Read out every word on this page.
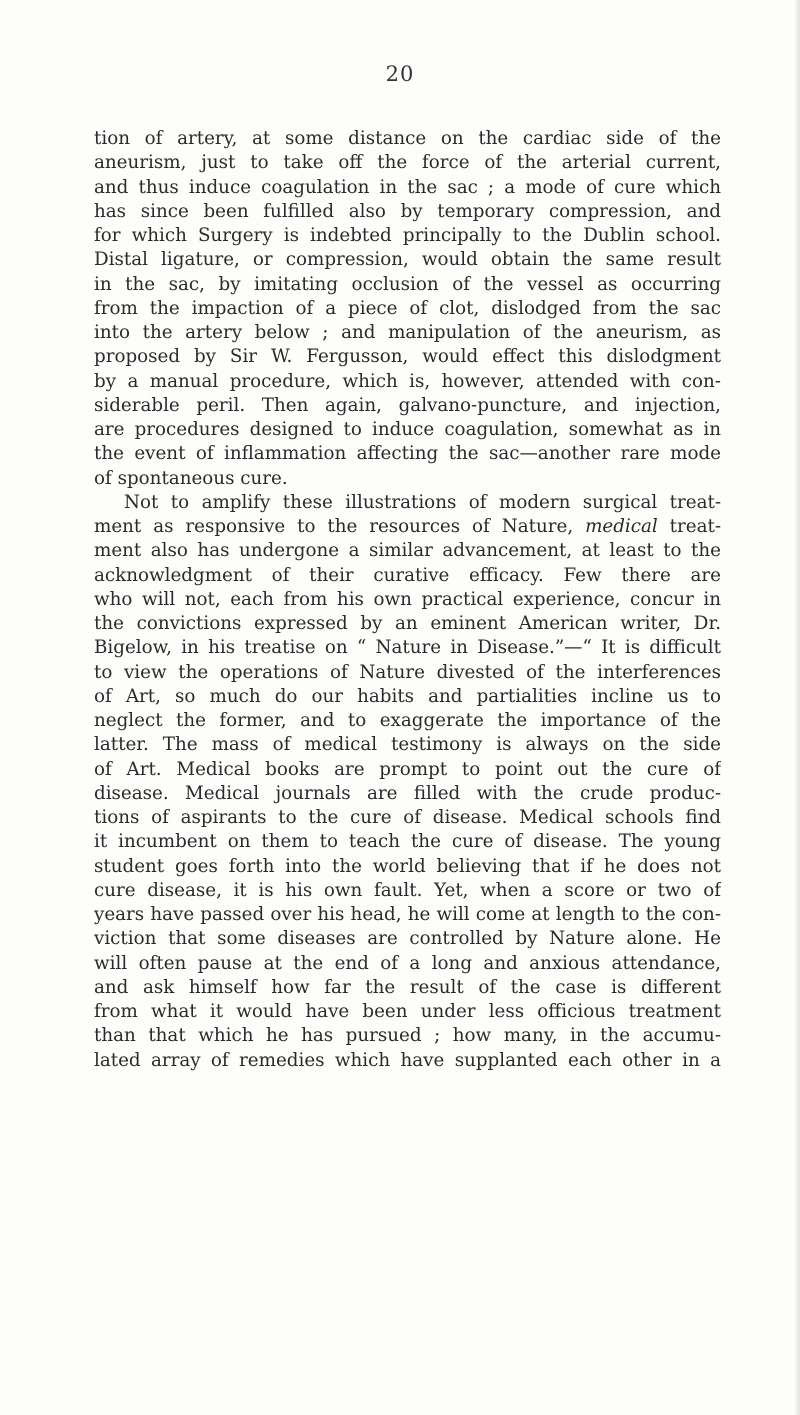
20
tion of artery, at some distance on the cardiac side of the
aneurism, just to take off the force of the arterial current,
and thus induce coagulation in the sac ; a mode of cure which
has since been fulfilled also by temporary compression, and
for which Surgery is indebted principally to the Dublin school.
Distal ligature, or compression, would obtain the same result
in the sac, by imitating occlusion of the vessel as occurring
from the impaction of a piece of clot, dislodged from the sac
into the artery below ; and manipulation of the aneurism, as
proposed by Sir W. Fergusson, would effect this dislodgment
by a manual procedure, which is, however, attended with con-
siderable peril. Then again, galvano-puncture, and injection,
are procedures designed to induce coagulation, somewhat as in
the event of inflammation affecting the sac—another rare mode
of spontaneous cure.
Not to amplify these illustrations of modern surgical treat-
ment as responsive to the resources of Nature, medical treat-
ment also has undergone a similar advancement, at least to the
acknowledgment of their curative efficacy. Few there are
who will not, each from his own practical experience, concur in
the convictions expressed by an eminent American writer, Dr.
Bigelow, in his treatise on “ Nature in Disease.”—“ It is difficult
to view the operations of Nature divested of the interferences
of Art, so much do our habits and partialities incline us to
neglect the former, and to exaggerate the importance of the
latter. The mass of medical testimony is always on the side
of Art. Medical books are prompt to point out the cure of
disease. Medical journals are filled with the crude produc-
tions of aspirants to the cure of disease. Medical schools find
it incumbent on them to teach the cure of disease. The young
student goes forth into the world believing that if he does not
cure disease, it is his own fault. Yet, when a score or two of
years have passed over his head, he will come at length to the con-
viction that some diseases are controlled by Nature alone. He
will often pause at the end of a long and anxious attendance,
and ask himself how far the result of the case is different
from what it would have been under less officious treatment
than that which he has pursued ; how many, in the accumu-
lated array of remedies which have supplanted each other in a
